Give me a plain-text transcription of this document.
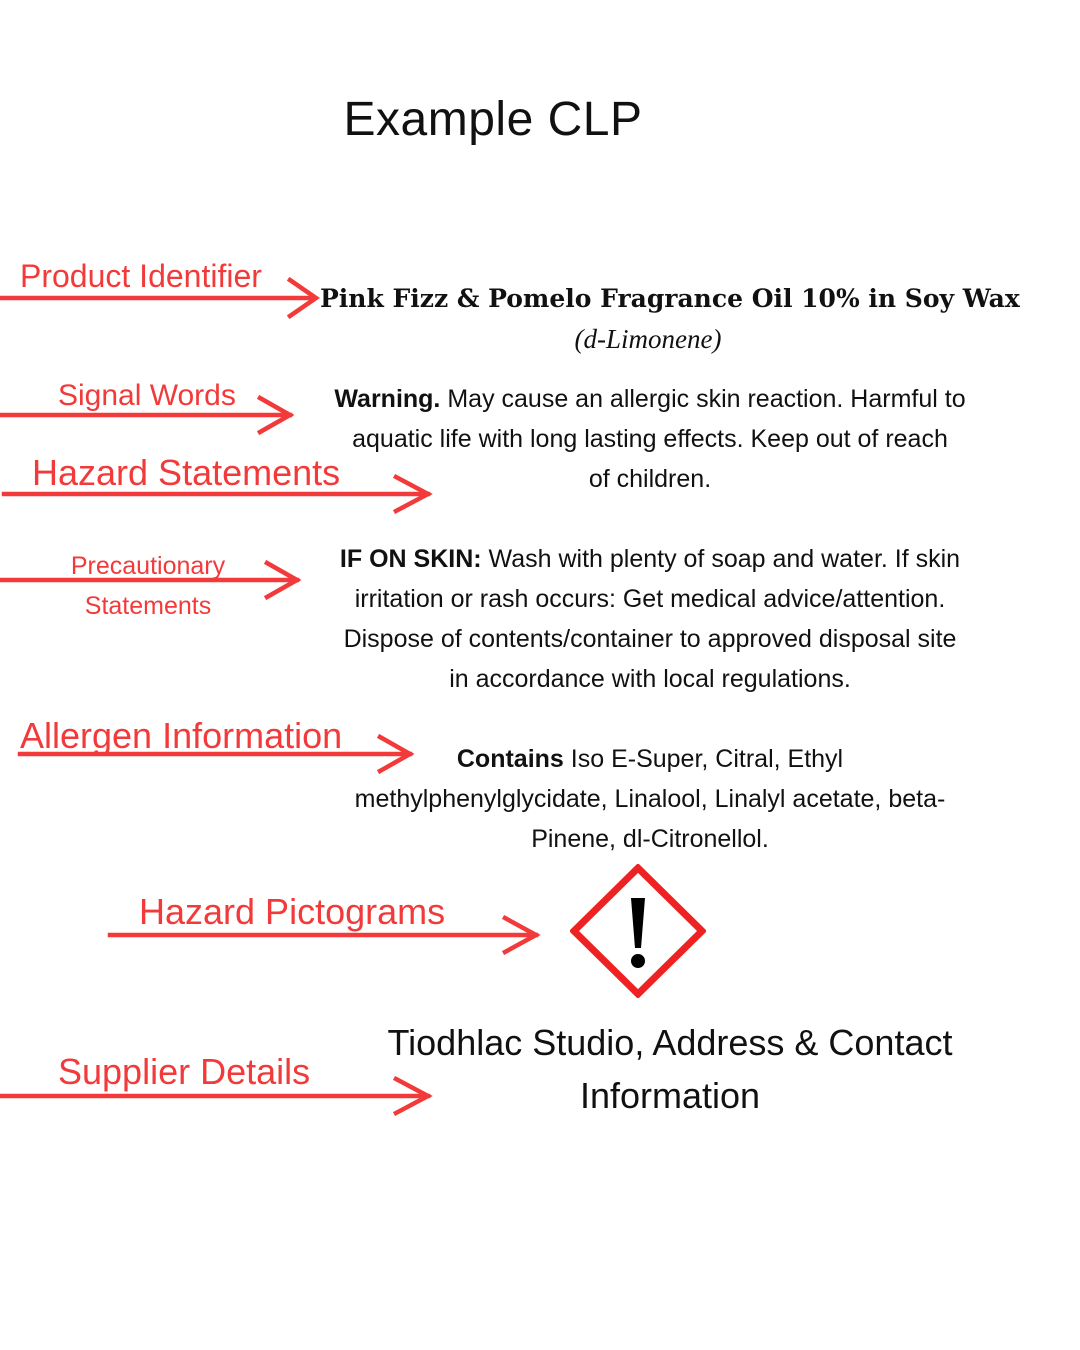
Example CLP
Product Identifier
Signal Words
Hazard Statements
Precautionary
Statements
Allergen Information
Hazard Pictograms
Supplier Details
Pink Fizz & Pomelo Fragrance Oil 10% in Soy Wax
(d-Limonene)
Warning. May cause an allergic skin reaction. Harmful to
aquatic life with long lasting effects. Keep out of reach
of children.
IF ON SKIN: Wash with plenty of soap and water. If skin
irritation or rash occurs: Get medical advice/attention.
Dispose of contents/container to approved disposal site
in accordance with local regulations.
Contains Iso E-Super, Citral, Ethyl
methylphenylglycidate, Linalool, Linalyl acetate, beta-
Pinene, dl-Citronellol.
Tiodhlac Studio, Address & Contact
Information
